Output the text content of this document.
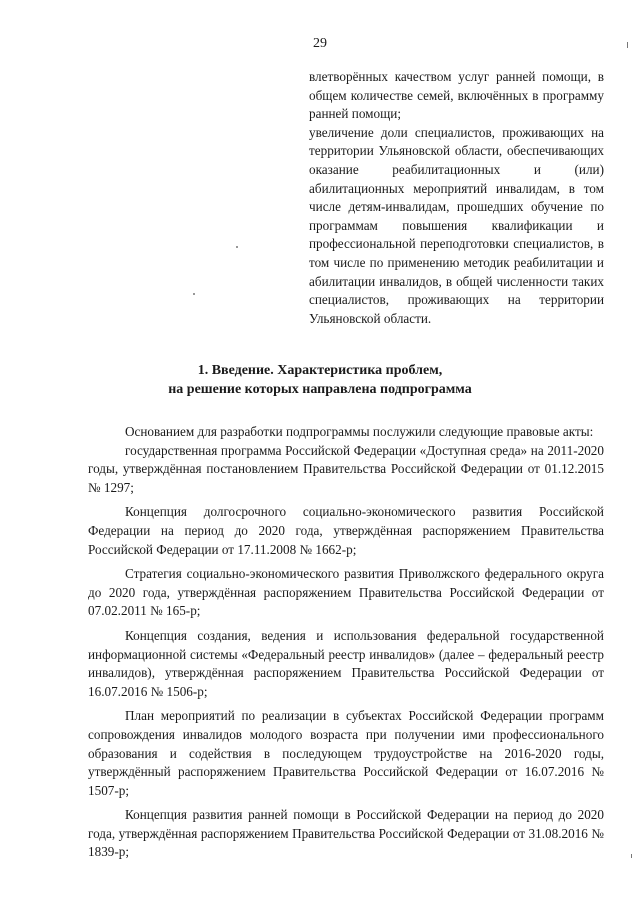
29

влетворённых качеством услуг ранней помощи, в общем количестве семей, включённых в программу ранней помощи;

увеличение доли специалистов, проживающих на территории Ульяновской области, обеспечивающих оказание реабилитационных и (или) абилитационных мероприятий инвалидам, в том числе детям-инвалидам, прошедших обучение по программам повышения квалификации и профессиональной переподготовки специалистов, в том числе по применению методик реабилитации и абилитации инвалидов, в общей численности таких специалистов, проживающих на территории Ульяновской области.

1. Введение. Характеристика проблем,
на решение которых направлена подпрограмма

Основанием для разработки подпрограммы послужили следующие правовые акты:

государственная программа Российской Федерации «Доступная среда» на 2011-2020 годы, утверждённая постановлением Правительства Российской Федерации от 01.12.2015 № 1297;

Концепция долгосрочного социально-экономического развития Российской Федерации на период до 2020 года, утверждённая распоряжением Правительства Российской Федерации от 17.11.2008 № 1662-р;

Стратегия социально-экономического развития Приволжского федерального округа до 2020 года, утверждённая распоряжением Правительства Российской Федерации от 07.02.2011 № 165-р;

Концепция создания, ведения и использования федеральной государственной информационной системы «Федеральный реестр инвалидов» (далее – федеральный реестр инвалидов), утверждённая распоряжением Правительства Российской Федерации от 16.07.2016 № 1506-р;

План мероприятий по реализации в субъектах Российской Федерации программ сопровождения инвалидов молодого возраста при получении ими профессионального образования и содействия в последующем трудоустройстве на 2016-2020 годы, утверждённый распоряжением Правительства Российской Федерации от 16.07.2016 № 1507-р;

Концепция развития ранней помощи в Российской Федерации на период до 2020 года, утверждённая распоряжением Правительства Российской Федерации от 31.08.2016 № 1839-р;
